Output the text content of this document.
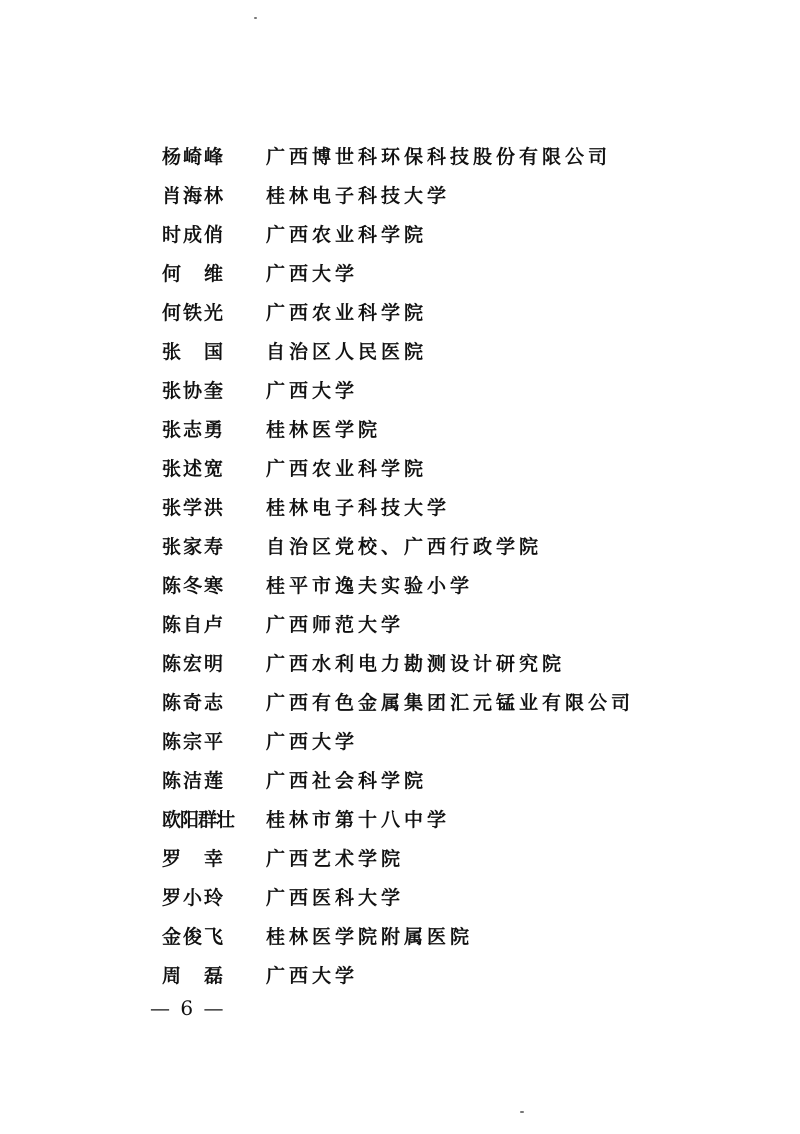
杨崎峰	广西博世科环保科技股份有限公司
肖海林	桂林电子科技大学
时成俏	广西农业科学院
何　维	广西大学
何铁光	广西农业科学院
张　国	自治区人民医院
张协奎	广西大学
张志勇	桂林医学院
张述宽	广西农业科学院
张学洪	桂林电子科技大学
张家寿	自治区党校、广西行政学院
陈冬寒	桂平市逸夫实验小学
陈自卢	广西师范大学
陈宏明	广西水利电力勘测设计研究院
陈奇志	广西有色金属集团汇元锰业有限公司
陈宗平	广西大学
陈洁莲	广西社会科学院
欧阳群壮	桂林市第十八中学
罗　幸	广西艺术学院
罗小玲	广西医科大学
金俊飞	桂林医学院附属医院
周　磊	广西大学
— 6 —
